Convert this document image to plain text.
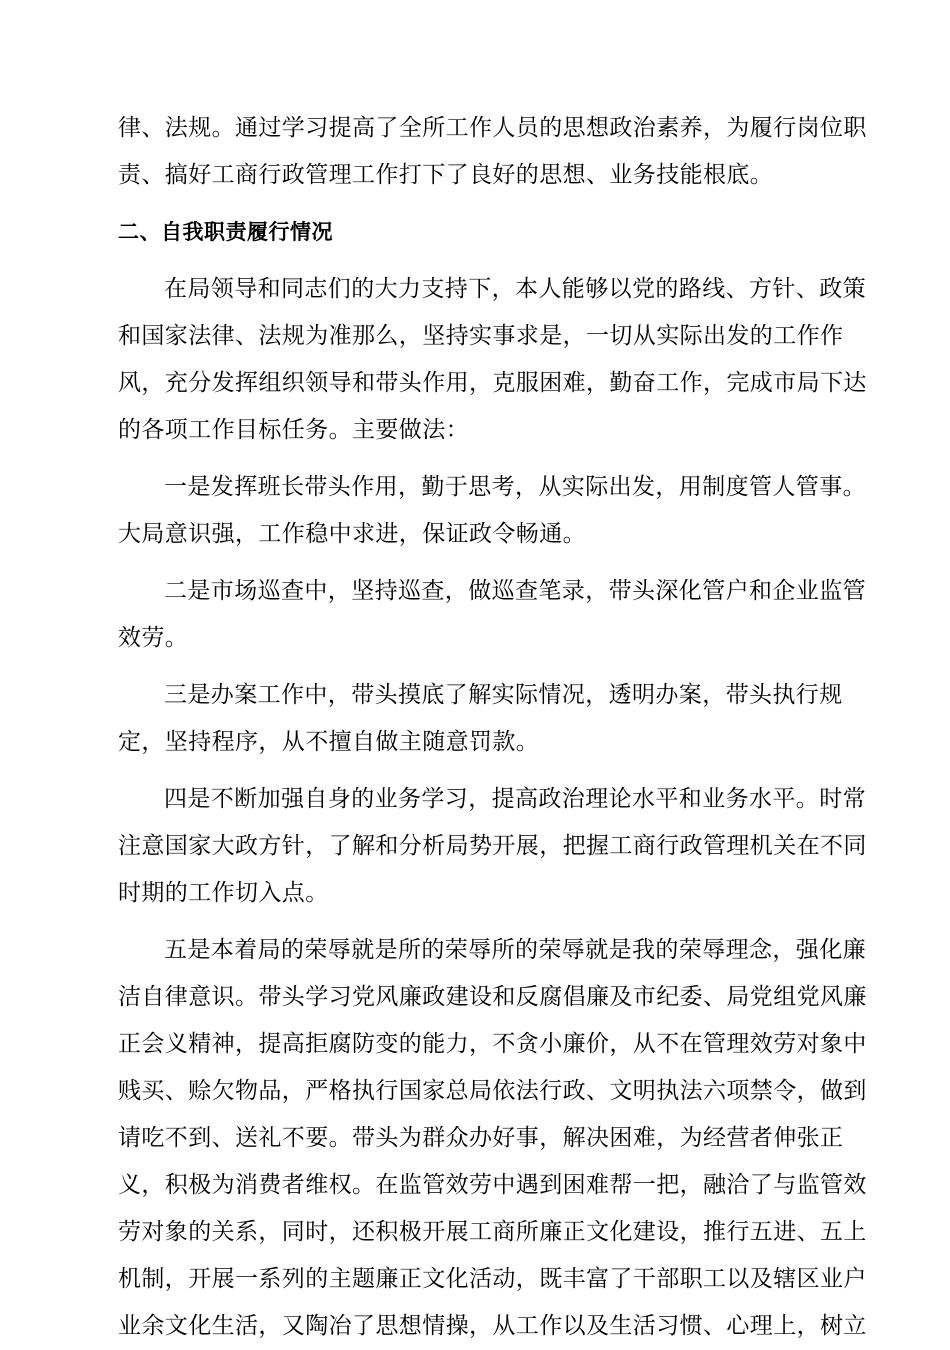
律、法规。通过学习提高了全所工作人员的思想政治素养，为履行岗位职
责、搞好工商行政管理工作打下了良好的思想、业务技能根底。
二、自我职责履行情况
在局领导和同志们的大力支持下，本人能够以党的路线、方针、政策
和国家法律、法规为准那么，坚持实事求是，一切从实际出发的工作作
风，充分发挥组织领导和带头作用，克服困难，勤奋工作，完成市局下达
的各项工作目标任务。主要做法：
一是发挥班长带头作用，勤于思考，从实际出发，用制度管人管事。
大局意识强，工作稳中求进，保证政令畅通。
二是市场巡查中，坚持巡查，做巡查笔录，带头深化管户和企业监管
效劳。
三是办案工作中，带头摸底了解实际情况，透明办案，带头执行规
定，坚持程序，从不擅自做主随意罚款。
四是不断加强自身的业务学习，提高政治理论水平和业务水平。时常
注意国家大政方针，了解和分析局势开展，把握工商行政管理机关在不同
时期的工作切入点。
五是本着局的荣辱就是所的荣辱所的荣辱就是我的荣辱理念，强化廉
洁自律意识。带头学习党风廉政建设和反腐倡廉及市纪委、局党组党风廉
正会义精神，提高拒腐防变的能力，不贪小廉价，从不在管理效劳对象中
贱买、赊欠物品，严格执行国家总局依法行政、文明执法六项禁令，做到
请吃不到、送礼不要。带头为群众办好事，解决困难，为经营者伸张正
义，积极为消费者维权。在监管效劳中遇到困难帮一把，融洽了与监管效
劳对象的关系，同时，还积极开展工商所廉正文化建设，推行五进、五上
机制，开展一系列的主题廉正文化活动，既丰富了干部职工以及辖区业户
业余文化生活，又陶冶了思想情操，从工作以及生活习惯、心理上，树立
